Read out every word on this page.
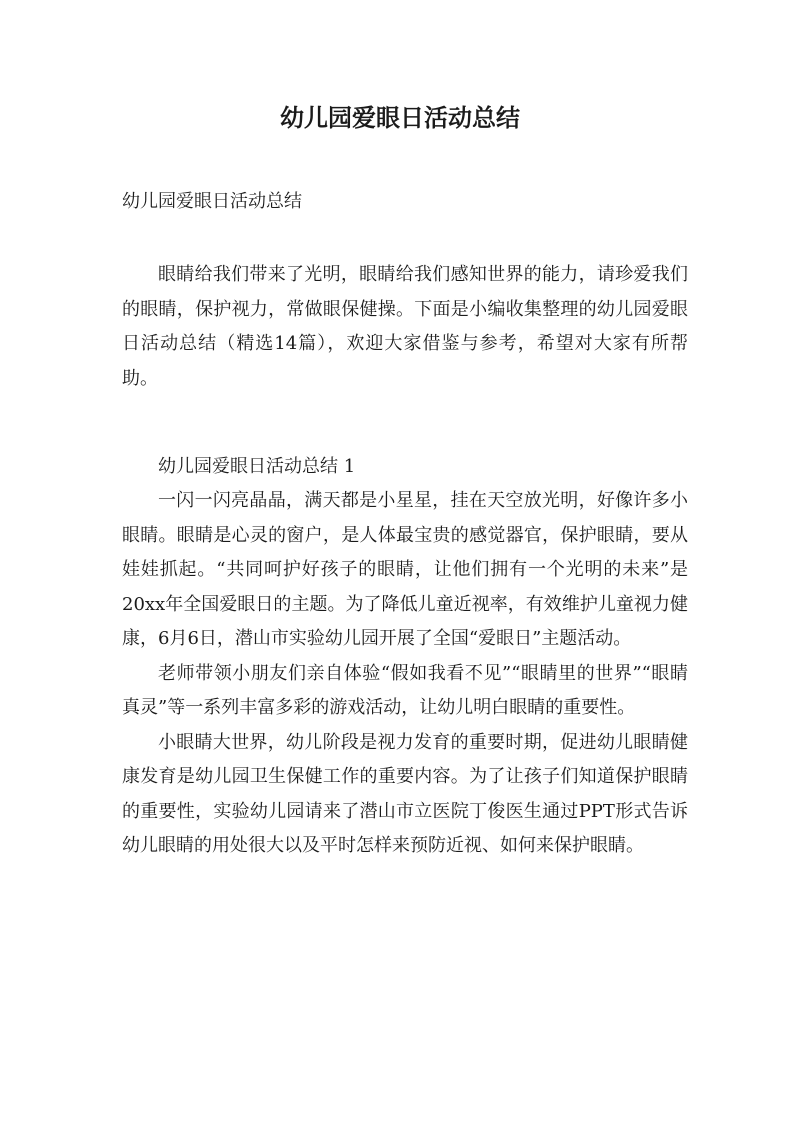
幼儿园爱眼日活动总结

幼儿园爱眼日活动总结

眼睛给我们带来了光明，眼睛给我们感知世界的能力，请珍爱我们的眼睛，保护视力，常做眼保健操。下面是小编收集整理的幼儿园爱眼日活动总结（精选14篇），欢迎大家借鉴与参考，希望对大家有所帮助。

幼儿园爱眼日活动总结 1

一闪一闪亮晶晶，满天都是小星星，挂在天空放光明，好像许多小眼睛。眼睛是心灵的窗户，是人体最宝贵的感觉器官，保护眼睛，要从娃娃抓起。“共同呵护好孩子的眼睛，让他们拥有一个光明的未来”是20xx年全国爱眼日的主题。为了降低儿童近视率，有效维护儿童视力健康，6月6日，潜山市实验幼儿园开展了全国“爱眼日”主题活动。

老师带领小朋友们亲自体验“假如我看不见”“眼睛里的世界”“眼睛真灵”等一系列丰富多彩的游戏活动，让幼儿明白眼睛的重要性。

小眼睛大世界，幼儿阶段是视力发育的重要时期，促进幼儿眼睛健康发育是幼儿园卫生保健工作的重要内容。为了让孩子们知道保护眼睛的重要性，实验幼儿园请来了潜山市立医院丁俊医生通过PPT形式告诉幼儿眼睛的用处很大以及平时怎样来预防近视、如何来保护眼睛。
